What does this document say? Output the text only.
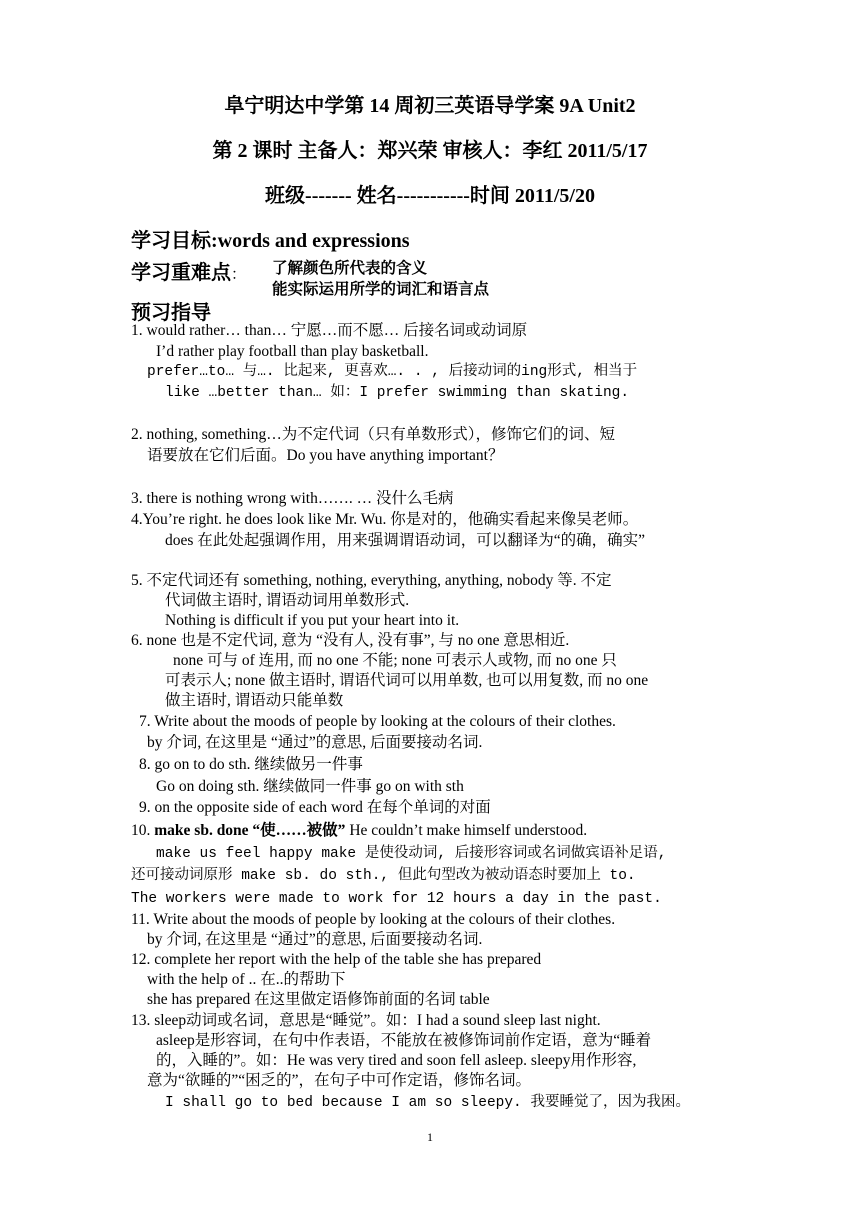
阜宁明达中学第 14 周初三英语导学案 9A Unit2
第 2 课时 主备人：郑兴荣 审核人：李红 2011/5/17
班级------- 姓名-----------时间 2011/5/20
学习目标:words and expressions
学习重难点： 了解颜色所代表的含义
能实际运用所学的词汇和语言点
预习指导
1. would rather… than… 宁愿…而不愿… 后接名词或动词原
I’d rather play football than play basketball.
prefer…to… 与…. 比起来, 更喜欢…. . , 后接动词的ing形式, 相当于
like …better than… 如：I prefer swimming than skating.
2. nothing, something…为不定代词（只有单数形式），修饰它们的词、短
语要放在它们后面。Do you have anything important？
3. there is nothing wrong with……. … 没什么毛病
4.You’re right. he does look like Mr. Wu. 你是对的，他确实看起来像吴老师。
does 在此处起强调作用，用来强调谓语动词，可以翻译为“的确，确实”
5. 不定代词还有 something, nothing, everything, anything, nobody 等. 不定
代词做主语时, 谓语动词用单数形式.
Nothing is difficult if you put your heart into it.
6. none 也是不定代词, 意为 “没有人, 没有事”, 与 no one 意思相近.
none 可与 of 连用, 而 no one 不能; none 可表示人或物, 而 no one 只
可表示人; none 做主语时, 谓语代词可以用单数, 也可以用复数, 而 no one
做主语时, 谓语动只能单数
7. Write about the moods of people by looking at the colours of their clothes.
by 介词, 在这里是 “通过”的意思, 后面要接动名词.
8. go on to do sth. 继续做另一件事
Go on doing sth. 继续做同一件事 go on with sth
9. on the opposite side of each word 在每个单词的对面
10. make sb. done “使……被做” He couldn’t make himself understood.
make us feel happy make 是使役动词, 后接形容词或名词做宾语补足语,
还可接动词原形 make sb. do sth., 但此句型改为被动语态时要加上 to.
The workers were made to work for 12 hours a day in the past.
11. Write about the moods of people by looking at the colours of their clothes.
by 介词, 在这里是 “通过”的意思, 后面要接动名词.
12. complete her report with the help of the table she has prepared
with the help of .. 在..的帮助下
she has prepared 在这里做定语修饰前面的名词 table
13. sleep动词或名词，意思是“睡觉”。如：I had a sound sleep last night.
asleep是形容词，在句中作表语，不能放在被修饰词前作定语，意为“睡着
的，入睡的”。如：He was very tired and soon fell asleep. sleepy用作形容,
意为“欲睡的”“困乏的”，在句子中可作定语，修饰名词。
I shall go to bed because I am so sleepy. 我要睡觉了，因为我困。
1
